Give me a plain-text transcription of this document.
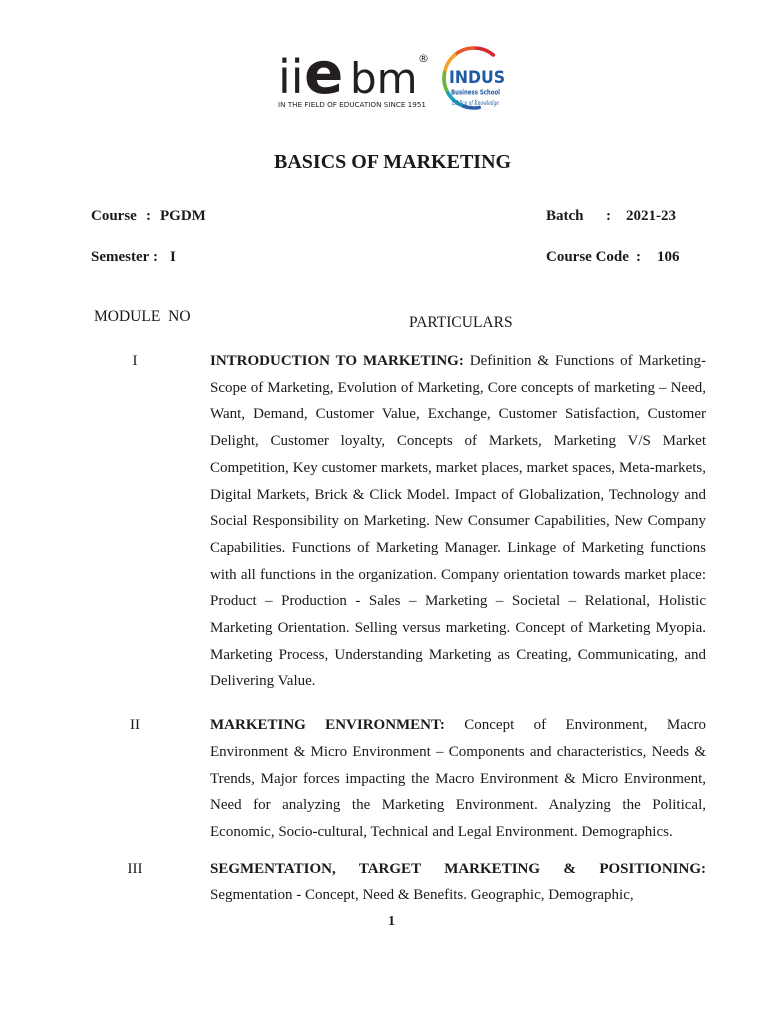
iie bm ®
IN THE FIELD OF EDUCATION SINCE 1951
INDUS
Business School
Edifice of Knowledge
BASICS OF MARKETING
Course : PGDM	Batch : 2021-23
Semester : I	Course Code : 106
MODULE NO	PARTICULARS
I	INTRODUCTION TO MARKETING: Definition & Functions of Marketing-Scope of Marketing, Evolution of Marketing, Core concepts of marketing – Need, Want, Demand, Customer Value, Exchange, Customer Satisfaction, Customer Delight, Customer loyalty, Concepts of Markets, Marketing V/S Market Competition, Key customer markets, market places, market spaces, Meta-markets, Digital Markets, Brick & Click Model. Impact of Globalization, Technology and Social Responsibility on Marketing. New Consumer Capabilities, New Company Capabilities. Functions of Marketing Manager. Linkage of Marketing functions with all functions in the organization. Company orientation towards market place: Product – Production - Sales – Marketing – Societal – Relational, Holistic Marketing Orientation. Selling versus marketing. Concept of Marketing Myopia. Marketing Process, Understanding Marketing as Creating, Communicating, and Delivering Value.
II	MARKETING ENVIRONMENT: Concept of Environment, Macro Environment & Micro Environment – Components and characteristics, Needs & Trends, Major forces impacting the Macro Environment & Micro Environment, Need for analyzing the Marketing Environment. Analyzing the Political, Economic, Socio-cultural, Technical and Legal Environment. Demographics.
III	SEGMENTATION, TARGET MARKETING & POSITIONING: Segmentation - Concept, Need & Benefits. Geographic, Demographic,
1
